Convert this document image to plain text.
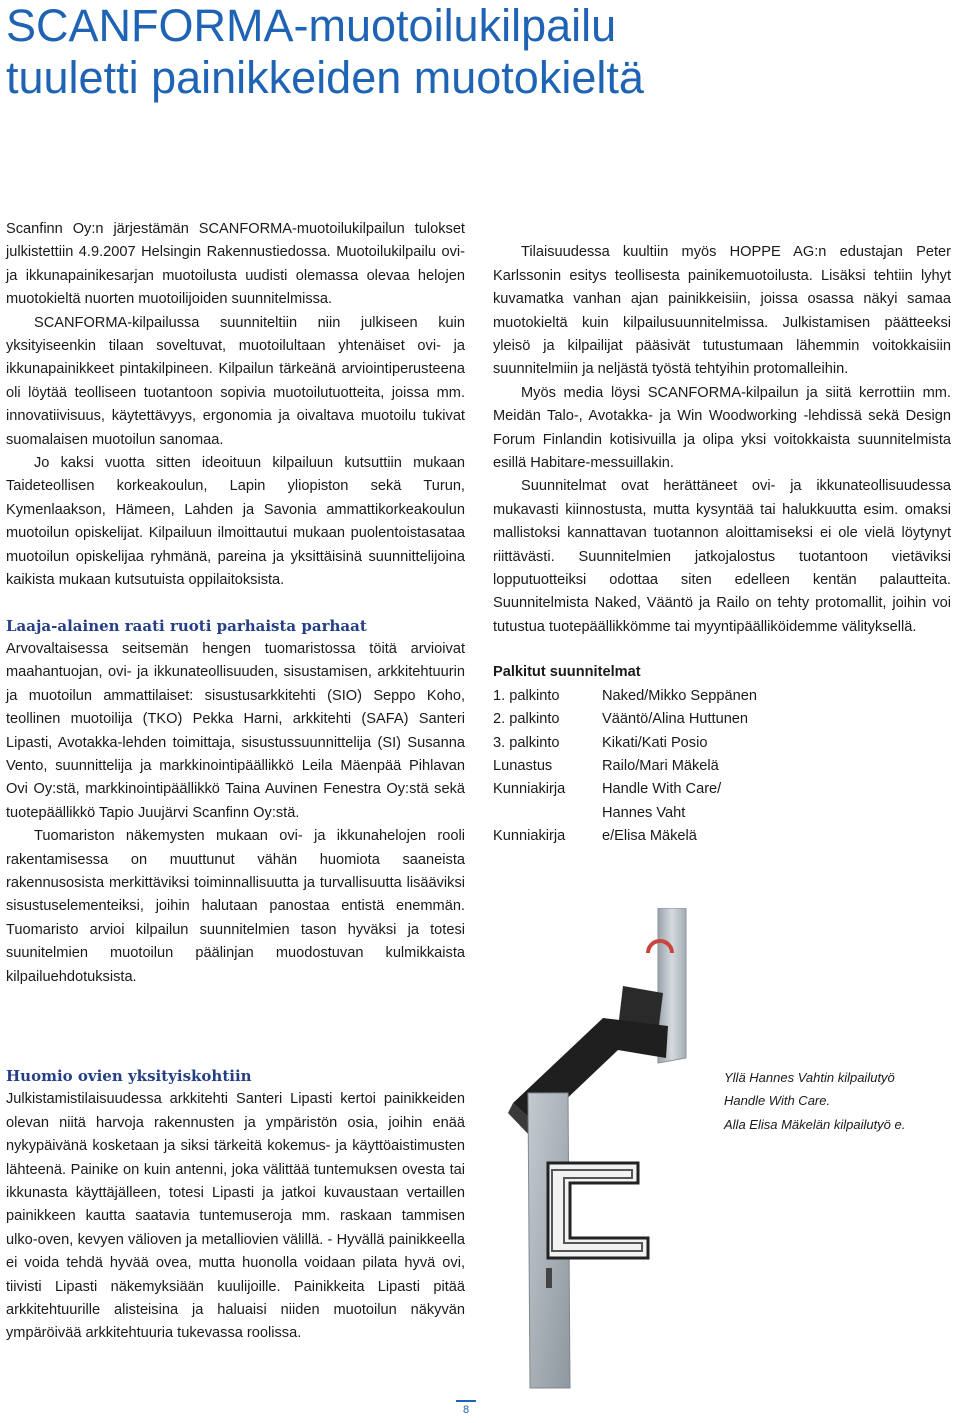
SCANFORMA-muotoilukilpailu
tuuletti painikkeiden muotokieltä

Scanfinn Oy:n järjestämän SCANFORMA-muotoilukilpailun tulokset julkistettiin 4.9.2007 Helsingin Rakennustiedossa. Muotoilukilpailu ovi- ja ikkunapainikesarjan muotoilusta uudisti olemassa olevaa helojen muotokieltä nuorten muotoilijoiden suunnitelmissa.

SCANFORMA-kilpailussa suunniteltiin niin julkiseen kuin yksityiseenkin tilaan soveltuvat, muotoilultaan yhtenäiset ovi- ja ikkunapainikkeet pintakilpineen. Kilpailun tärkeänä arviointiperusteena oli löytää teolliseen tuotantoon sopivia muotoilutuotteita, joissa mm. innovatiivisuus, käytettävyys, ergonomia ja oivaltava muotoilu tukivat suomalaisen muotoilun sanomaa.

Jo kaksi vuotta sitten ideoituun kilpailuun kutsuttiin mukaan Taideteollisen korkeakoulun, Lapin yliopiston sekä Turun, Kymenlaakson, Hämeen, Lahden ja Savonia ammattikorkeakoulun muotoilun opiskelijat. Kilpailuun ilmoittautui mukaan puolentoistasataa muotoilun opiskelijaa ryhmänä, pareina ja yksittäisinä suunnittelijoina kaikista mukaan kutsutuista oppilaitoksista.

Laaja-alainen raati ruoti parhaista parhaat

Arvovaltaisessa seitsemän hengen tuomaristossa töitä arvioivat maahantuojan, ovi- ja ikkunateollisuuden, sisustamisen, arkkitehtuurin ja muotoilun ammattilaiset: sisustusarkkitehti (SIO) Seppo Koho, teollinen muotoilija (TKO) Pekka Harni, arkkitehti (SAFA) Santeri Lipasti, Avotakka-lehden toimittaja, sisustussuunnittelija (SI) Susanna Vento, suunnittelija ja markkinointipäällikkö Leila Mäenpää Pihlavan Ovi Oy:stä, markkinointipäällikkö Taina Auvinen Fenestra Oy:stä sekä tuotepäällikkö Tapio Juujärvi Scanfinn Oy:stä.

Tuomariston näkemysten mukaan ovi- ja ikkunahelojen rooli rakentamisessa on muuttunut vähän huomiota saaneista rakennusosista merkittäviksi toiminnallisuutta ja turvallisuutta lisääviksi sisustuselementeiksi, joihin halutaan panostaa entistä enemmän. Tuomaristo arvioi kilpailun suunnitelmien tason hyväksi ja totesi suunitelmien muotoilun päälinjan muodostuvan kulmikkaista kilpailuehdotuksista.

Huomio ovien yksityiskohtiin

Julkistamistilaisuudessa arkkitehti Santeri Lipasti kertoi painikkeiden olevan niitä harvoja rakennusten ja ympäristön osia, joihin enää nykypäivänä kosketaan ja siksi tärkeitä kokemus- ja käyttöaistimusten lähteenä. Painike on kuin antenni, joka välittää tuntemuksen ovesta tai ikkunasta käyttäjälleen, totesi Lipasti ja jatkoi kuvaustaan vertaillen painikkeen kautta saatavia tuntemuseroja mm. raskaan tammisen ulko-oven, kevyen välioven ja metalliovien välillä. - Hyvällä painikkeella ei voida tehdä hyvää ovea, mutta huonolla voidaan pilata hyvä ovi, tiivisti Lipasti näkemyksiään kuulijoille. Painikkeita Lipasti pitää arkkitehtuurille alisteisina ja haluaisi niiden muotoilun näkyvän ympäröivää arkkitehtuuria tukevassa roolissa.

Tilaisuudessa kuultiin myös HOPPE AG:n edustajan Peter Karlssonin esitys teollisesta painikemuotoilusta. Lisäksi tehtiin lyhyt kuvamatka vanhan ajan painikkeisiin, joissa osassa näkyi samaa muotokieltä kuin kilpailusuunnitelmissa. Julkistamisen päätteeksi yleisö ja kilpailijat pääsivät tutustumaan lähemmin voitokkaisiin suunnitelmiin ja neljästä työstä tehtyihin protomalleihin.

Myös media löysi SCANFORMA-kilpailun ja siitä kerrottiin mm. Meidän Talo-, Avotakka- ja Win Woodworking -lehdissä sekä Design Forum Finlandin kotisivuilla ja olipa yksi voitokkaista suunnitelmista esillä Habitare-messuillakin.

Suunnitelmat ovat herättäneet ovi- ja ikkunateollisuudessa mukavasti kiinnostusta, mutta kysyntää tai halukkuutta esim. omaksi mallistoksi kannattavan tuotannon aloittamiseksi ei ole vielä löytynyt riittävästi. Suunnitelmien jatkojalostus tuotantoon vietäviksi lopputuotteiksi odottaa siten edelleen kentän palautteita. Suunnitelmista Naked, Vääntö ja Railo on tehty protomallit, joihin voi tutustua tuotepäällikkömme tai myyntipäälliköidemme välityksellä.

Palkitut suunnitelmat

1. palkinto	Naked/Mikko Seppänen
2. palkinto	Vääntö/Alina Huttunen
3. palkinto	Kikati/Kati Posio
Lunastus	Railo/Mari Mäkelä
Kunniakirja	Handle With Care/
Hannes Vaht
Kunniakirja	e/Elisa Mäkelä

Yllä Hannes Vahtin kilpailutyö Handle With Care.

Alla Elisa Mäkelän kilpailutyö e.

8
